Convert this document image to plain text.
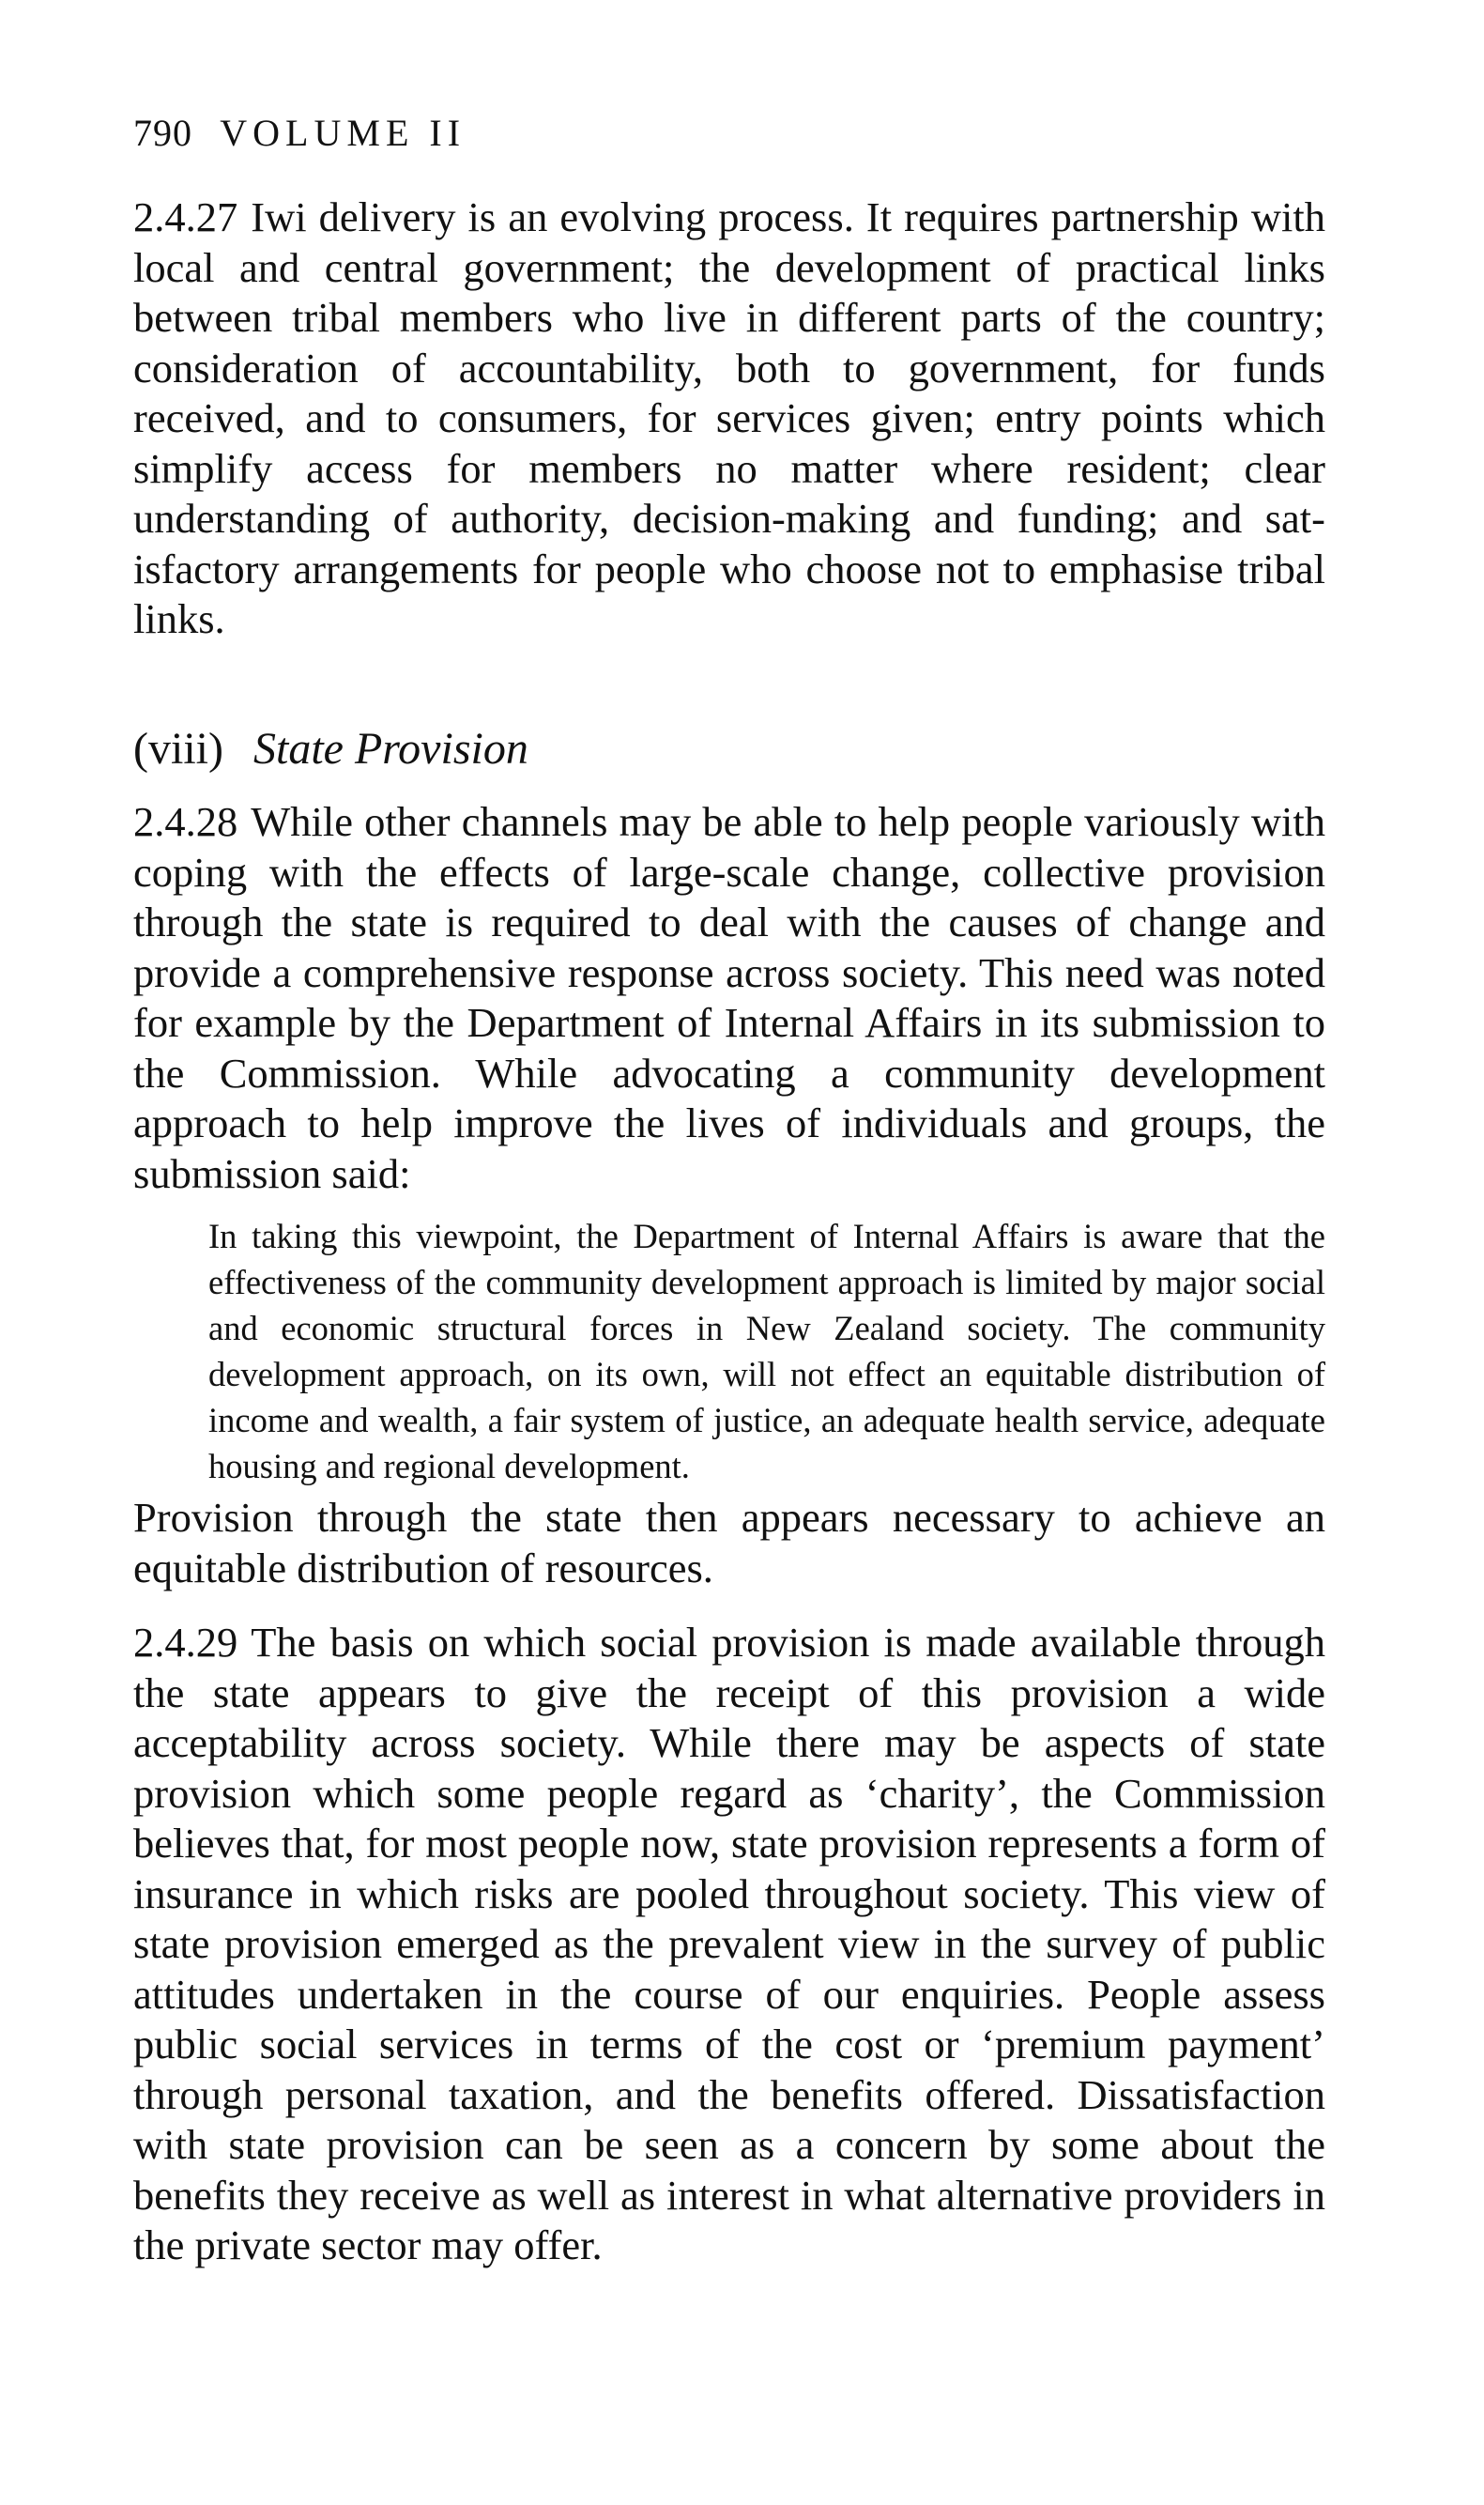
790 VOLUME II
2.4.27 Iwi delivery is an evolving process. It requires partnership with local and central government; the development of practical links between tribal members who live in different parts of the country; consideration of accountability, both to government, for funds received, and to consumers, for services given; entry points which simplify access for members no matter where resident; clear understanding of authority, decision-making and funding; and satisfactory arrangements for people who choose not to emphasise tribal links.
(viii) State Provision
2.4.28 While other channels may be able to help people variously with coping with the effects of large-scale change, collective provision through the state is required to deal with the causes of change and provide a comprehensive response across society. This need was noted for example by the Department of Internal Affairs in its submission to the Commission. While advocating a community development approach to help improve the lives of individuals and groups, the submission said:
In taking this viewpoint, the Department of Internal Affairs is aware that the effectiveness of the community development approach is limited by major social and economic structural forces in New Zealand society. The community development approach, on its own, will not effect an equitable distribution of income and wealth, a fair system of justice, an adequate health service, adequate housing and regional development.
Provision through the state then appears necessary to achieve an equitable distribution of resources.
2.4.29 The basis on which social provision is made available through the state appears to give the receipt of this provision a wide acceptability across society. While there may be aspects of state provision which some people regard as ‘charity’, the Commission believes that, for most people now, state provision represents a form of insurance in which risks are pooled throughout society. This view of state provision emerged as the prevalent view in the survey of public attitudes undertaken in the course of our enquiries. People assess public social services in terms of the cost or ‘premium payment’ through personal taxation, and the benefits offered. Dissatisfaction with state provision can be seen as a concern by some about the benefits they receive as well as interest in what alternative providers in the private sector may offer.
